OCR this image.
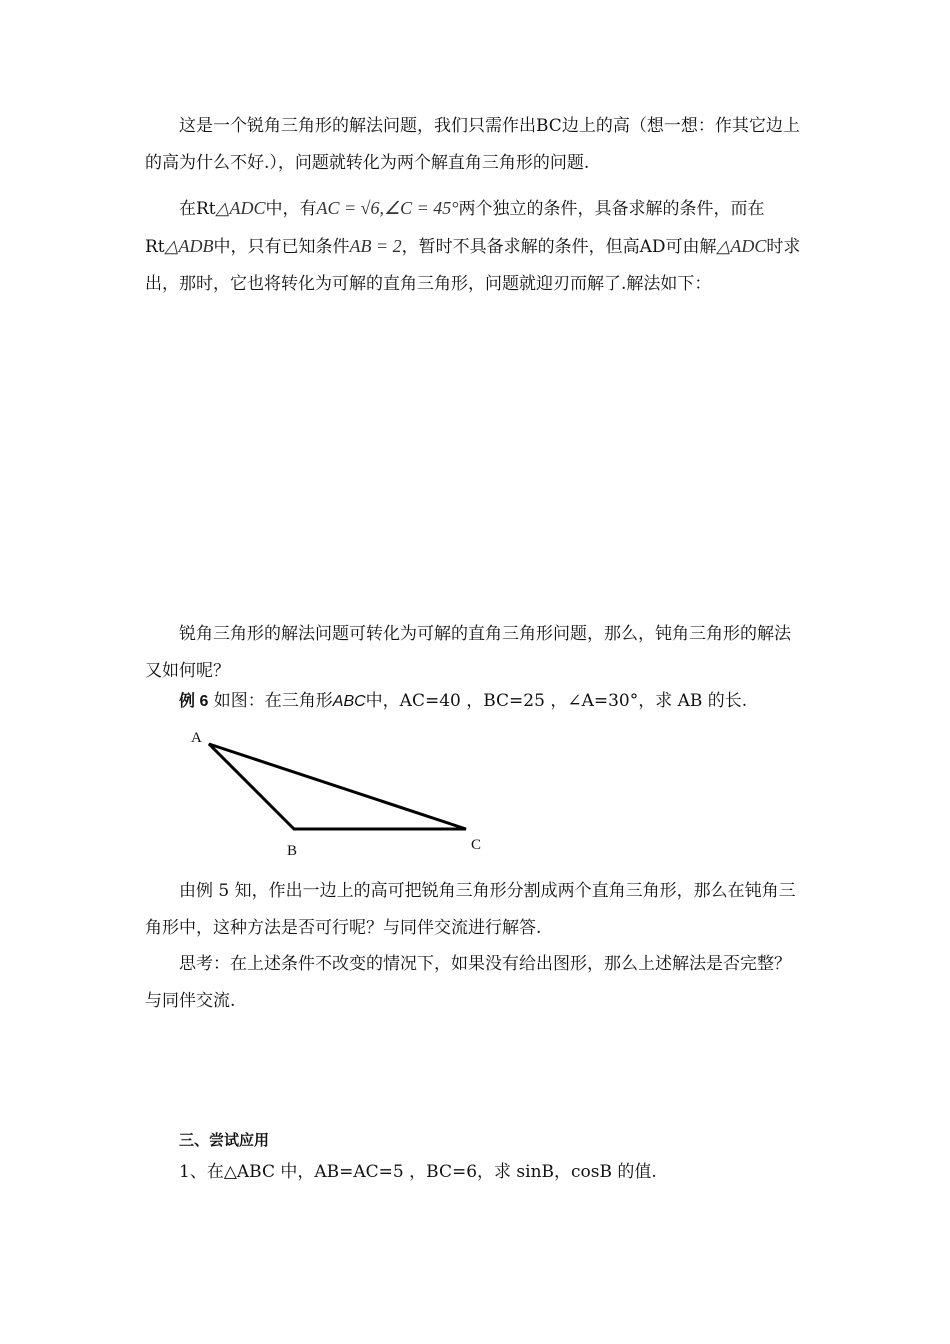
这是一个锐角三角形的解法问题，我们只需作出BC边上的高（想一想：作其它边上的高为什么不好.），问题就转化为两个解直角三角形的问题.

在Rt△ADC中，有AC = √6,∠C = 45°两个独立的条件，具备求解的条件，而在Rt△ADB中，只有已知条件AB = 2，暂时不具备求解的条件，但高AD可由解△ADC时求出，那时，它也将转化为可解的直角三角形，问题就迎刃而解了.解法如下：

锐角三角形的解法问题可转化为可解的直角三角形问题，那么，钝角三角形的解法又如何呢？

例 6 如图：在三角形ABC中，AC=40 ，BC=25 ，∠A=30°，求 AB 的长.

A
B	C

由例 5 知，作出一边上的高可把锐角三角形分割成两个直角三角形，那么在钝角三角形中，这种方法是否可行呢？与同伴交流进行解答.

思考：在上述条件不改变的情况下，如果没有给出图形，那么上述解法是否完整？与同伴交流.

三、尝试应用

1、在△ABC 中，AB=AC=5 ，BC=6，求 sinB，cosB 的值.
